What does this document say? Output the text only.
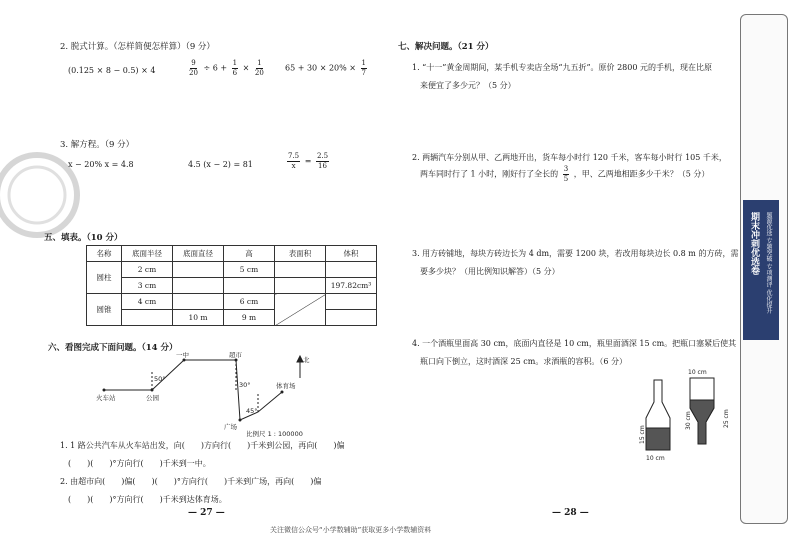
2. 脱式计算。（怎样简便怎样算）（9 分）
(0.125 × 8 − 0.5) × 4	$\frac{9}{20} \div 6 + \frac{1}{6} \times \frac{1}{20}$	$65 + 30 \times 20\% \times \frac{1}{7}$
3. 解方程。（9 分）
x − 20% x = 4.8	4.5 (x − 2) = 81	$\frac{7.5}{x} = \frac{2.5}{16}$
五、填表。（10 分）
名称	底面半径	底面直径	高	表面积	体积
圆柱	2 cm		5 cm		
	3 cm				197.82cm³
圆锥	4 cm		6 cm		
		10 m	9 m		
六、看图完成下面问题。（14 分）
北
一中	超市
火车站	公园
广场
体育场
50°
30°
45°
比例尺 1 : 100000
1. 1 路公共汽车从火车站出发，向(　　)方向行(　　)千米到公园，再向(　　)偏
(　　)(　　)°方向行(　　)千米到一中。
2. 由超市向(　　)偏(　　)(　　)°方向行(　　)千米到广场，再向(　　)偏
(　　)(　　)°方向行(　　)千米到达体育场。
— 27 —
七、解决问题。（21 分）
1. “十一”黄金周期间，某手机专卖店全场“九五折”。原价 2800 元的手机，现在比原
来便宜了多少元？（5 分）
2. 两辆汽车分别从甲、乙两地开出，货车每小时行 120 千米，客车每小时行 105 千米，
两车同时行了 1 小时，刚好行了全长的 $\frac{3}{5}$ ，甲、乙两地相距多少千米？（5 分）
3. 用方砖铺地，每块方砖边长为 4 dm，需要 1200 块，若改用每块边长 0.8 m 的方砖，需
要多少块？（用比例知识解答）（5 分）
4. 一个酒瓶里面高 30 cm，底面内直径是 10 cm，瓶里面酒深 15 cm。把瓶口塞紧后使其
瓶口向下倒立，这时酒深 25 cm。求酒瓶的容积。（6 分）
10 cm
10 cm
30 cm
15 cm
25 cm
— 28 —
期末冲刺优选卷	题源优选 专题突破 专项测评 优化提升
关注微信公众号“小学数辅助”获取更多小学数辅资料
